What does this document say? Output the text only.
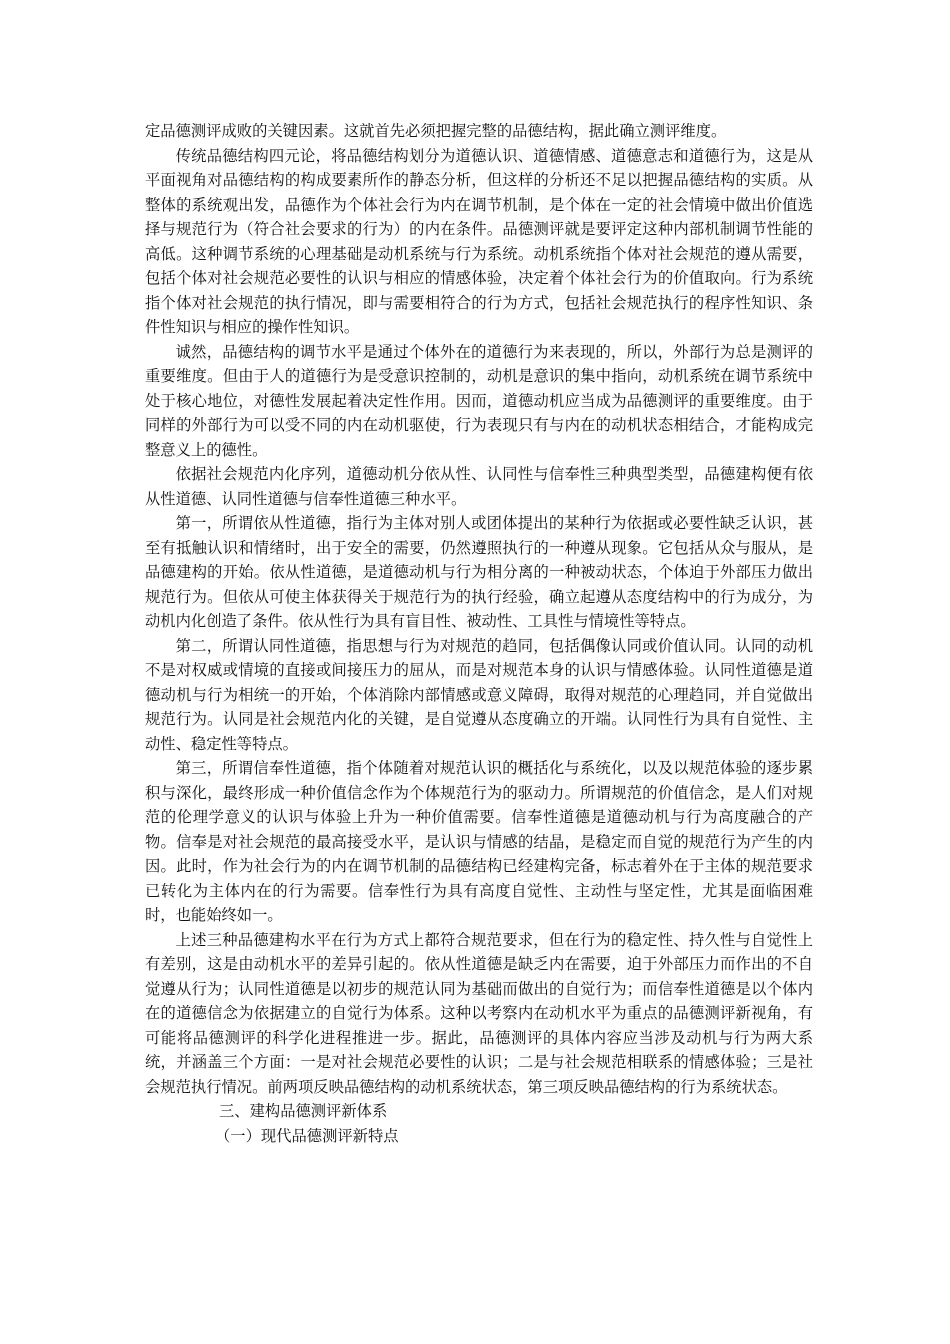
定品德测评成败的关键因素。这就首先必须把握完整的品德结构，据此确立测评维度。

传统品德结构四元论，将品德结构划分为道德认识、道德情感、道德意志和道德行为，这是从平面视角对品德结构的构成要素所作的静态分析，但这样的分析还不足以把握品德结构的实质。从整体的系统观出发，品德作为个体社会行为内在调节机制，是个体在一定的社会情境中做出价值选择与规范行为（符合社会要求的行为）的内在条件。品德测评就是要评定这种内部机制调节性能的高低。这种调节系统的心理基础是动机系统与行为系统。动机系统指个体对社会规范的遵从需要，包括个体对社会规范必要性的认识与相应的情感体验，决定着个体社会行为的价值取向。行为系统指个体对社会规范的执行情况，即与需要相符合的行为方式，包括社会规范执行的程序性知识、条件性知识与相应的操作性知识。

诚然，品德结构的调节水平是通过个体外在的道德行为来表现的，所以，外部行为总是测评的重要维度。但由于人的道德行为是受意识控制的，动机是意识的集中指向，动机系统在调节系统中处于核心地位，对德性发展起着决定性作用。因而，道德动机应当成为品德测评的重要维度。由于同样的外部行为可以受不同的内在动机驱使，行为表现只有与内在的动机状态相结合，才能构成完整意义上的德性。

依据社会规范内化序列，道德动机分依从性、认同性与信奉性三种典型类型，品德建构便有依从性道德、认同性道德与信奉性道德三种水平。

第一，所谓依从性道德，指行为主体对别人或团体提出的某种行为依据或必要性缺乏认识，甚至有抵触认识和情绪时，出于安全的需要，仍然遵照执行的一种遵从现象。它包括从众与服从，是品德建构的开始。依从性道德，是道德动机与行为相分离的一种被动状态，个体迫于外部压力做出规范行为。但依从可使主体获得关于规范行为的执行经验，确立起遵从态度结构中的行为成分，为动机内化创造了条件。依从性行为具有盲目性、被动性、工具性与情境性等特点。

第二，所谓认同性道德，指思想与行为对规范的趋同，包括偶像认同或价值认同。认同的动机不是对权威或情境的直接或间接压力的屈从，而是对规范本身的认识与情感体验。认同性道德是道德动机与行为相统一的开始，个体消除内部情感或意义障碍，取得对规范的心理趋同，并自觉做出规范行为。认同是社会规范内化的关键，是自觉遵从态度确立的开端。认同性行为具有自觉性、主动性、稳定性等特点。

第三，所谓信奉性道德，指个体随着对规范认识的概括化与系统化，以及以规范体验的逐步累积与深化，最终形成一种价值信念作为个体规范行为的驱动力。所谓规范的价值信念，是人们对规范的伦理学意义的认识与体验上升为一种价值需要。信奉性道德是道德动机与行为高度融合的产物。信奉是对社会规范的最高接受水平，是认识与情感的结晶，是稳定而自觉的规范行为产生的内因。此时，作为社会行为的内在调节机制的品德结构已经建构完备，标志着外在于主体的规范要求已转化为主体内在的行为需要。信奉性行为具有高度自觉性、主动性与坚定性，尤其是面临困难时，也能始终如一。

上述三种品德建构水平在行为方式上都符合规范要求，但在行为的稳定性、持久性与自觉性上有差别，这是由动机水平的差异引起的。依从性道德是缺乏内在需要，迫于外部压力而作出的不自觉遵从行为；认同性道德是以初步的规范认同为基础而做出的自觉行为；而信奉性道德是以个体内在的道德信念为依据建立的自觉行为体系。这种以考察内在动机水平为重点的品德测评新视角，有可能将品德测评的科学化进程推进一步。据此，品德测评的具体内容应当涉及动机与行为两大系统，并涵盖三个方面：一是对社会规范必要性的认识；二是与社会规范相联系的情感体验；三是社会规范执行情况。前两项反映品德结构的动机系统状态，第三项反映品德结构的行为系统状态。

三、建构品德测评新体系

（一）现代品德测评新特点
